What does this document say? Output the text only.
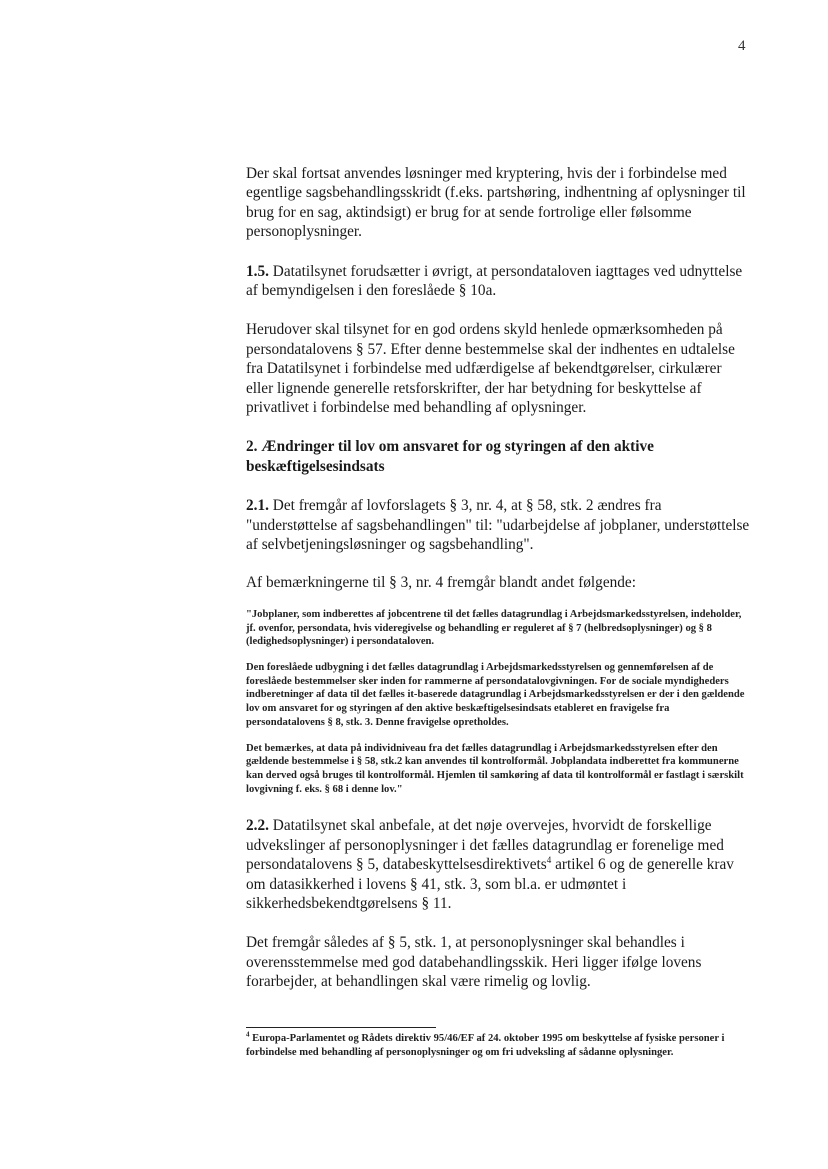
4

Der skal fortsat anvendes løsninger med kryptering, hvis der i forbindelse med egentlige sagsbehandlingsskridt (f.eks. partshøring, indhentning af oplysninger til brug for en sag, aktindsigt) er brug for at sende fortrolige eller følsomme personoplysninger.

1.5. Datatilsynet forudsætter i øvrigt, at persondataloven iagttages ved udnyttelse af bemyndigelsen i den foreslåede § 10a.

Herudover skal tilsynet for en god ordens skyld henlede opmærksomheden på persondatalovens § 57. Efter denne bestemmelse skal der indhentes en udtalelse fra Datatilsynet i forbindelse med udfærdigelse af bekendtgørelser, cirkulærer eller lignende generelle retsforskrifter, der har betydning for beskyttelse af privatlivet i forbindelse med behandling af oplysninger.

2. Ændringer til lov om ansvaret for og styringen af den aktive beskæftigelsesindsats

2.1. Det fremgår af lovforslagets § 3, nr. 4, at § 58, stk. 2 ændres fra "understøttelse af sagsbehandlingen" til: "udarbejdelse af jobplaner, understøttelse af selvbetjeningsløsninger og sagsbehandling".

Af bemærkningerne til § 3, nr. 4 fremgår blandt andet følgende:

"Jobplaner, som indberettes af jobcentrene til det fælles datagrundlag i Arbejdsmarkedsstyrelsen, indeholder, jf. ovenfor, persondata, hvis videregivelse og behandling er reguleret af § 7 (helbredsoplysninger) og § 8 (ledighedsoplysninger) i persondataloven.

Den foreslåede udbygning i det fælles datagrundlag i Arbejdsmarkedsstyrelsen og gennemførelsen af de foreslåede bestemmelser sker inden for rammerne af persondatalovgivningen. For de sociale myndigheders indberetninger af data til det fælles it-baserede datagrundlag i Arbejdsmarkedsstyrelsen er der i den gældende lov om ansvaret for og styringen af den aktive beskæftigelsesindsats etableret en fravigelse fra persondatalovens § 8, stk. 3. Denne fravigelse opretholdes.

Det bemærkes, at data på individniveau fra det fælles datagrundlag i Arbejdsmarkedsstyrelsen efter den gældende bestemmelse i § 58, stk.2 kan anvendes til kontrolformål. Jobplandata indberettet fra kommunerne kan derved også bruges til kontrolformål. Hjemlen til samkøring af data til kontrolformål er fastlagt i særskilt lovgivning f. eks. § 68 i denne lov."

2.2. Datatilsynet skal anbefale, at det nøje overvejes, hvorvidt de forskellige udvekslinger af personoplysninger i det fælles datagrundlag er forenelige med persondatalovens § 5, databeskyttelsesdirektivets$^4$ artikel 6 og de generelle krav om datasikkerhed i lovens § 41, stk. 3, som bl.a. er udmøntet i sikkerhedsbekendtgørelsens § 11.

Det fremgår således af § 5, stk. 1, at personoplysninger skal behandles i overensstemmelse med god databehandlingsskik. Heri ligger ifølge lovens forarbejder, at behandlingen skal være rimelig og lovlig.

$^4$ Europa-Parlamentet og Rådets direktiv 95/46/EF af 24. oktober 1995 om beskyttelse af fysiske personer i forbindelse med behandling af personoplysninger og om fri udveksling af sådanne oplysninger.
